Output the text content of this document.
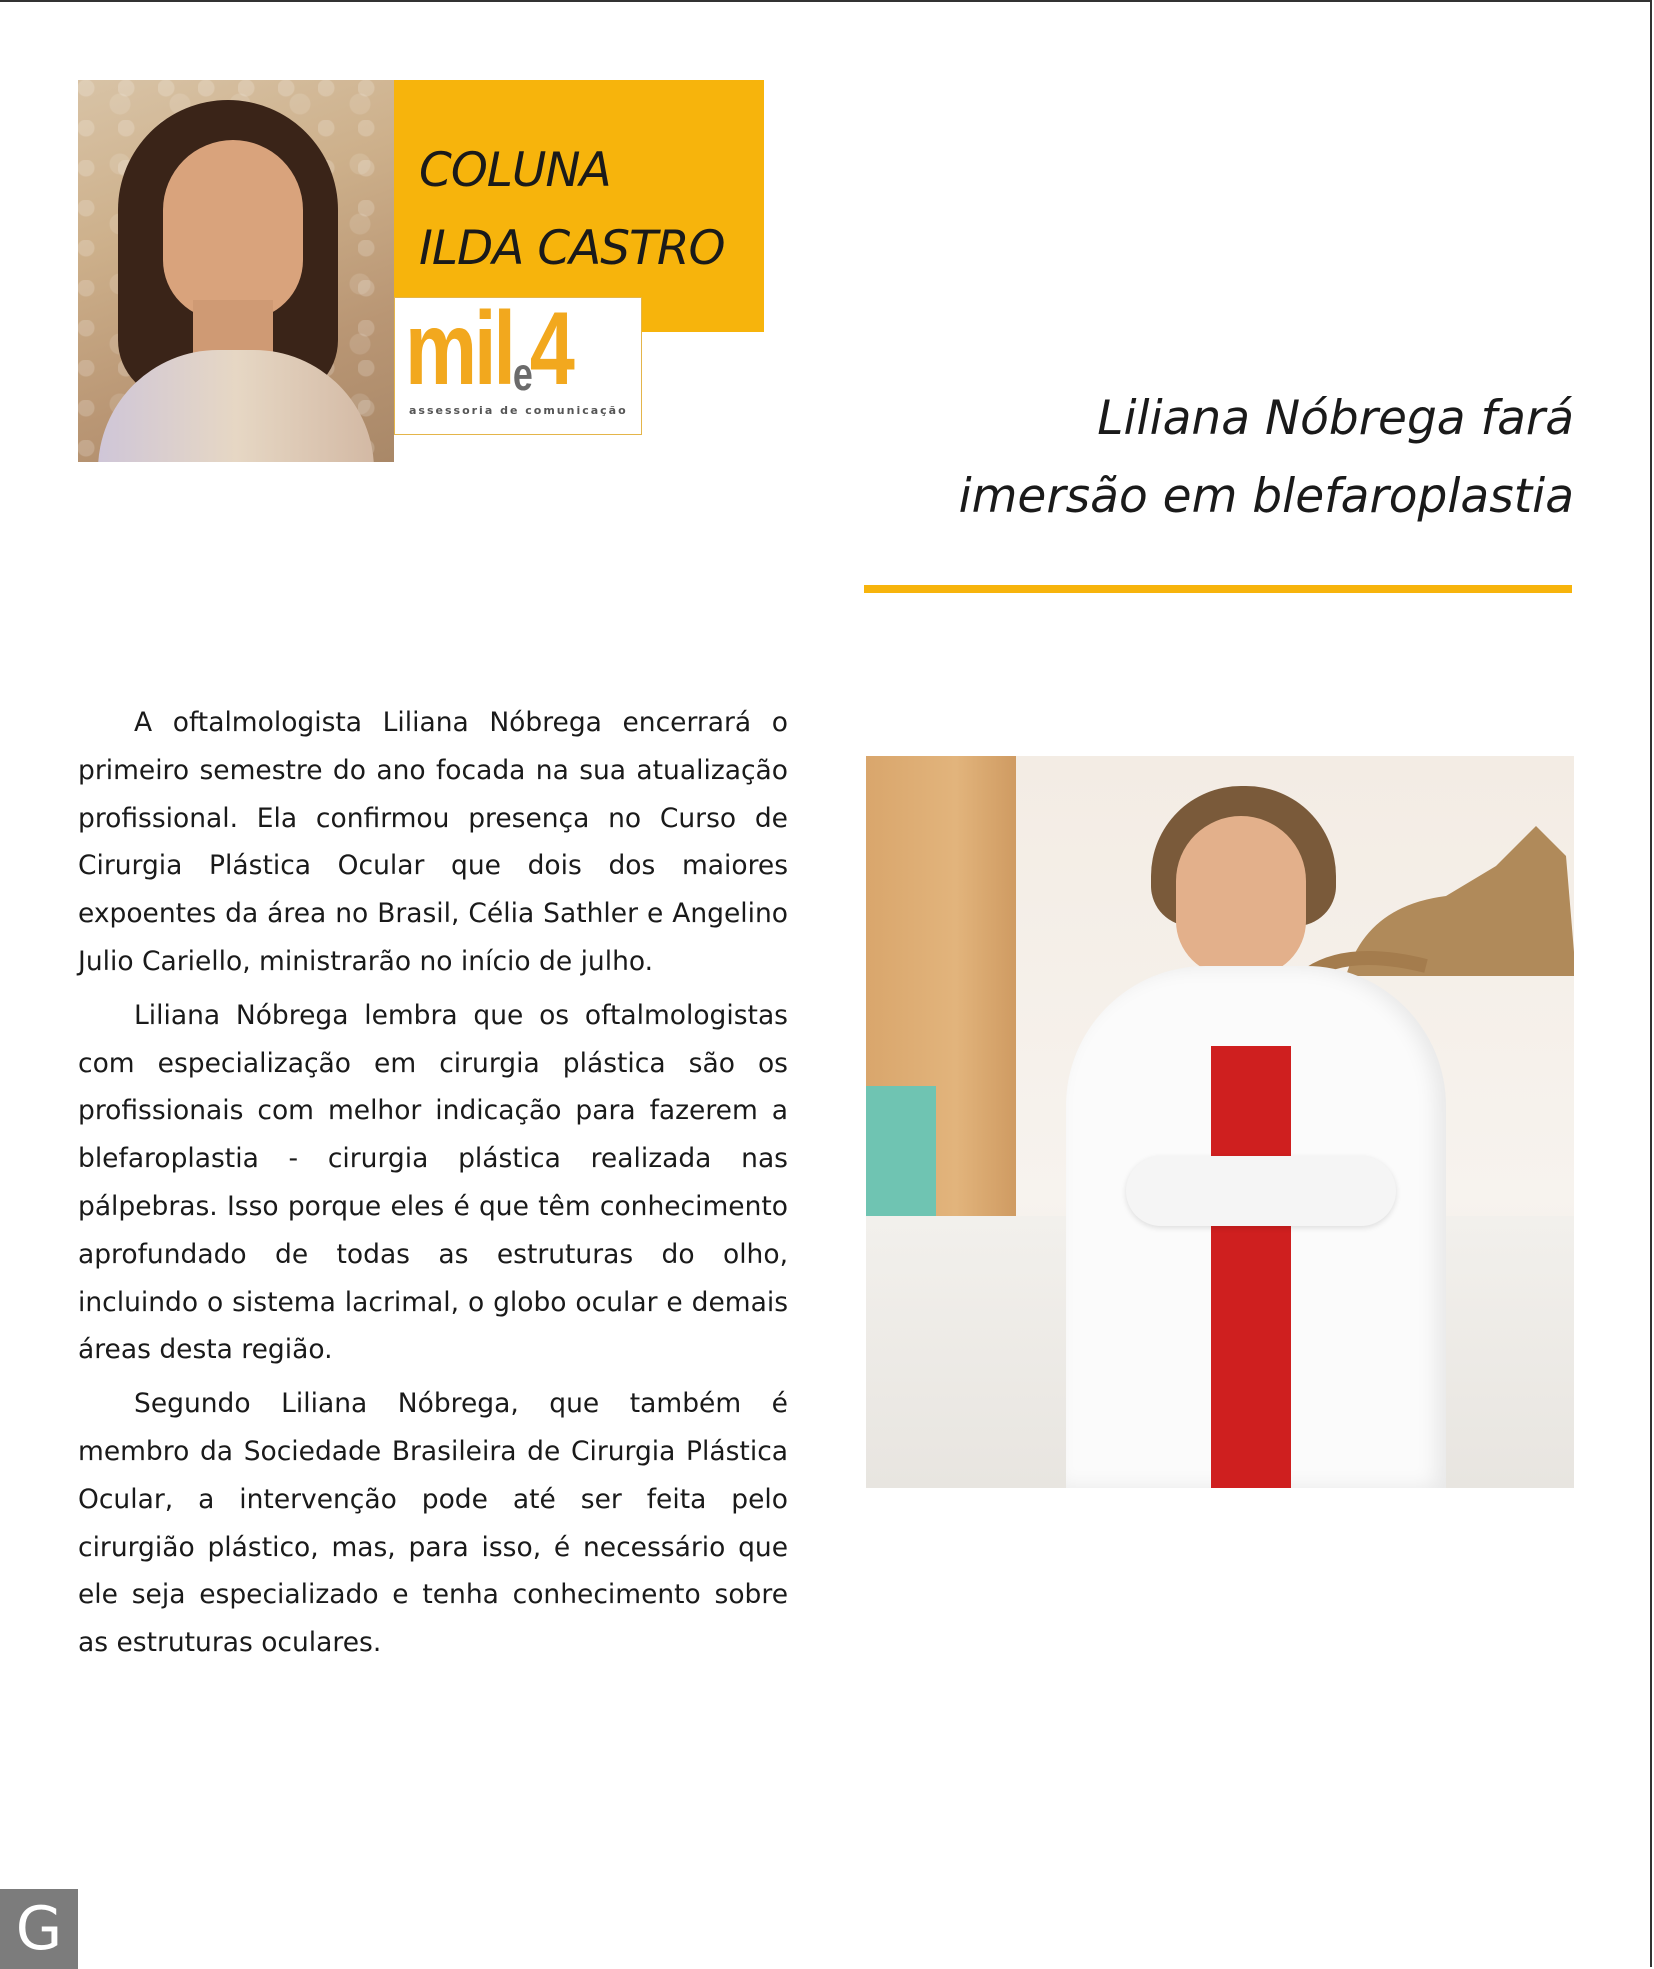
COLUNA
ILDA CASTRO
mile4
assessoria de comunicação	Liliana Nóbrega fará
imersão em blefaroplastia

A oftalmologista Liliana Nóbrega encerrará o primeiro semestre do ano focada na sua atualização profissional. Ela confirmou presença no Curso de Cirurgia Plástica Ocular que dois dos maiores expoentes da área no Brasil, Célia Sathler e Angelino Julio Cariello, ministrarão no início de julho.

Liliana Nóbrega lembra que os oftalmologistas com especialização em cirurgia plástica são os profissionais com melhor indicação para fazerem a blefaroplastia - cirurgia plástica realizada nas pálpebras. Isso porque eles é que têm conhecimento aprofundado de todas as estruturas do olho, incluindo o sistema lacrimal, o globo ocular e demais áreas desta região.

Segundo Liliana Nóbrega, que também é membro da Sociedade Brasileira de Cirurgia Plástica Ocular, a intervenção pode até ser feita pelo cirurgião plástico, mas, para isso, é necessário que ele seja especializado e tenha conhecimento sobre as estruturas oculares.

G
